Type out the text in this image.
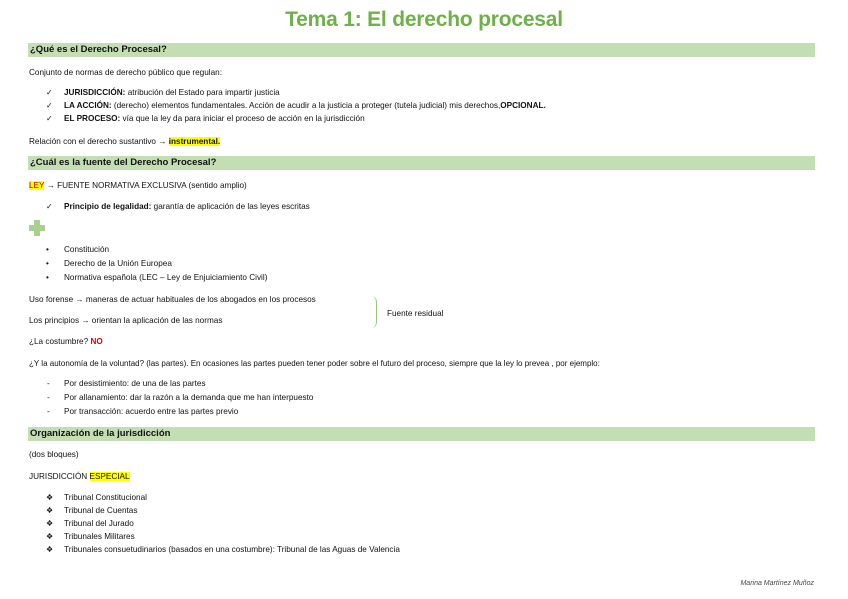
Tema 1: El derecho procesal
¿Qué es el Derecho Procesal?
Conjunto de normas de derecho público que regulan:
✓ JURISDICCIÓN: atribución del Estado para impartir justicia
✓ LA ACCIÓN: (derecho) elementos fundamentales. Acción de acudir a la justicia a proteger (tutela judicial) mis derechos,OPCIONAL.
✓ EL PROCESO: vía que la ley da para iniciar el proceso de acción en la jurisdicción
Relación con el derecho sustantivo → instrumental.
¿Cuál es la fuente del Derecho Procesal?
LEY → FUENTE NORMATIVA EXCLUSIVA (sentido amplio)
✓ Principio de legalidad: garantía de aplicación de las leyes escritas
• Constitución
• Derecho de la Unión Europea
• Normativa española (LEC – Ley de Enjuiciamiento Civil)
Uso forense → maneras de actuar habituales de los abogados en los procesos
Los principios → orientan la aplicación de las normas
Fuente residual
¿La costumbre? NO
¿Y la autonomía de la voluntad? (las partes). En ocasiones las partes pueden tener poder sobre el futuro del proceso, siempre que la ley lo prevea , por ejemplo:
- Por desistimiento: de una de las partes
- Por allanamiento: dar la razón a la demanda que me han interpuesto
- Por transacción: acuerdo entre las partes previo
Organización de la jurisdicción
(dos bloques)
JURISDICCIÓN ESPECIAL
❖ Tribunal Constitucional
❖ Tribunal de Cuentas
❖ Tribunal del Jurado
❖ Tribunales Militares
❖ Tribunales consuetudinarios (basados en una costumbre): Tribunal de las Aguas de Valencia
Marina Martínez Muñoz
